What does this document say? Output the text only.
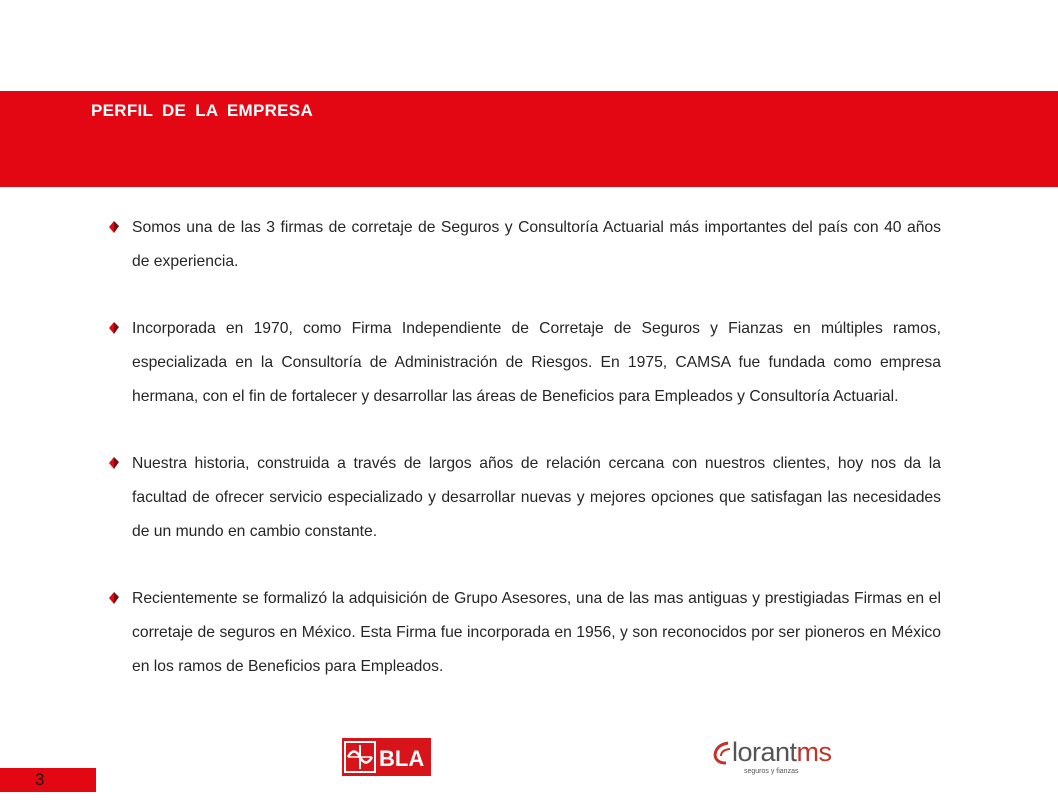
PERFIL DE LA EMPRESA

Somos una de las 3 firmas de corretaje de Seguros y Consultoría Actuarial más importantes del país con 40 años de experiencia.

Incorporada en 1970, como Firma Independiente de Corretaje de Seguros y Fianzas en múltiples ramos, especializada en la Consultoría de Administración de Riesgos. En 1975, CAMSA fue fundada como empresa hermana, con el fin de fortalecer y desarrollar las áreas de Beneficios para Empleados y Consultoría Actuarial.

Nuestra historia, construida a través de largos años de relación cercana con nuestros clientes, hoy nos da la facultad de ofrecer servicio especializado y desarrollar nuevas y mejores opciones que satisfagan las necesidades de un mundo en cambio constante.

Recientemente se formalizó la adquisición de Grupo Asesores, una de las mas antiguas y prestigiadas Firmas en el corretaje de seguros en México. Esta Firma fue incorporada en 1956, y son reconocidos por ser pioneros en México en los ramos de Beneficios para Empleados.

3
BLA	lorantms
seguros y fianzas
